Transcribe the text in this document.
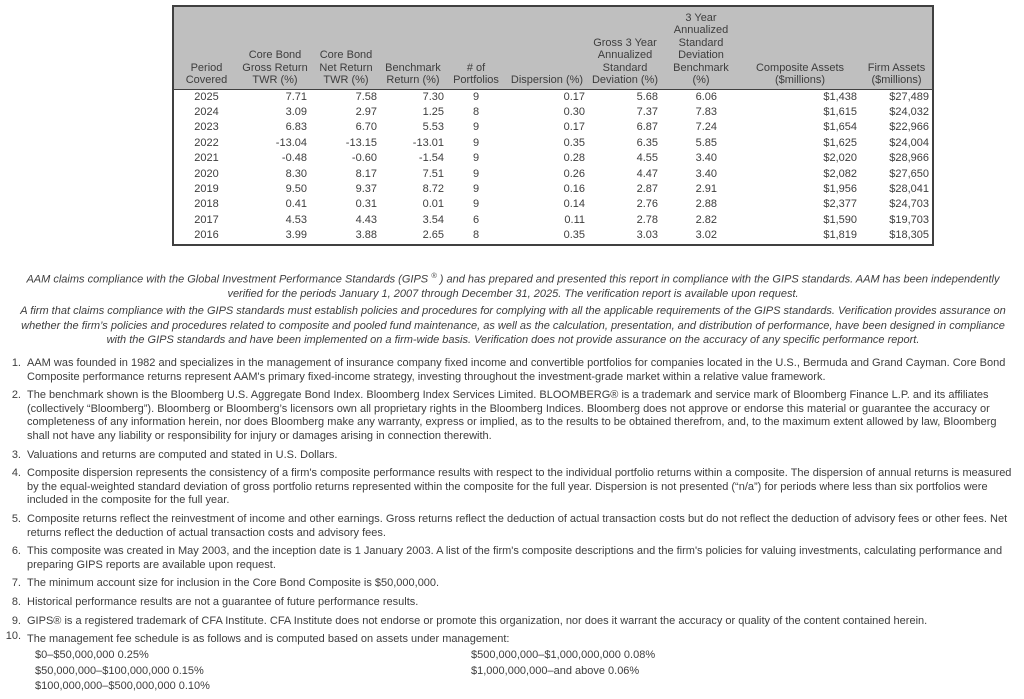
Period Covered	Core Bond Gross Return TWR (%)	Core Bond Net Return TWR (%)	Benchmark Return (%)	# of Portfolios	Dispersion (%)	Gross 3 Year Annualized Standard Deviation (%)	3 Year Annualized Standard Deviation Benchmark (%)	Composite Assets ($millions)	Firm Assets ($millions)
2025	7.71	7.58	7.30	9	0.17	5.68	6.06	$1,438	$27,489
2024	3.09	2.97	1.25	8	0.30	7.37	7.83	$1,615	$24,032
2023	6.83	6.70	5.53	9	0.17	6.87	7.24	$1,654	$22,966
2022	-13.04	-13.15	-13.01	9	0.35	6.35	5.85	$1,625	$24,004
2021	-0.48	-0.60	-1.54	9	0.28	4.55	3.40	$2,020	$28,966
2020	8.30	8.17	7.51	9	0.26	4.47	3.40	$2,082	$27,650
2019	9.50	9.37	8.72	9	0.16	2.87	2.91	$1,956	$28,041
2018	0.41	0.31	0.01	9	0.14	2.76	2.88	$2,377	$24,703
2017	4.53	4.43	3.54	6	0.11	2.78	2.82	$1,590	$19,703
2016	3.99	3.88	2.65	8	0.35	3.03	3.02	$1,819	$18,305

AAM claims compliance with the Global Investment Performance Standards (GIPS ® ) and has prepared and presented this report in compliance with the GIPS standards. AAM has been independently verified for the periods January 1, 2007 through December 31, 2025. The verification report is available upon request.

A firm that claims compliance with the GIPS standards must establish policies and procedures for complying with all the applicable requirements of the GIPS standards. Verification provides assurance on whether the firm’s policies and procedures related to composite and pooled fund maintenance, as well as the calculation, presentation, and distribution of performance, have been designed in compliance with the GIPS standards and have been implemented on a firm-wide basis. Verification does not provide assurance on the accuracy of any specific performance report.

1. AAM was founded in 1982 and specializes in the management of insurance company fixed income and convertible portfolios for companies located in the U.S., Bermuda and Grand Cayman. Core Bond Composite performance returns represent AAM's primary fixed-income strategy, investing throughout the investment-grade market within a relative value framework.
2. The benchmark shown is the Bloomberg U.S. Aggregate Bond Index. Bloomberg Index Services Limited. BLOOMBERG® is a trademark and service mark of Bloomberg Finance L.P. and its affiliates (collectively “Bloomberg”). Bloomberg or Bloomberg’s licensors own all proprietary rights in the Bloomberg Indices. Bloomberg does not approve or endorse this material or guarantee the accuracy or completeness of any information herein, nor does Bloomberg make any warranty, express or implied, as to the results to be obtained therefrom, and, to the maximum extent allowed by law, Bloomberg shall not have any liability or responsibility for injury or damages arising in connection therewith.
3. Valuations and returns are computed and stated in U.S. Dollars.
4. Composite dispersion represents the consistency of a firm's composite performance results with respect to the individual portfolio returns within a composite. The dispersion of annual returns is measured by the equal-weighted standard deviation of gross portfolio returns represented within the composite for the full year. Dispersion is not presented (“n/a”) for periods where less than six portfolios were included in the composite for the full year.
5. Composite returns reflect the reinvestment of income and other earnings. Gross returns reflect the deduction of actual transaction costs but do not reflect the deduction of advisory fees or other fees. Net returns reflect the deduction of actual transaction costs and advisory fees.
6. This composite was created in May 2003, and the inception date is 1 January 2003. A list of the firm's composite descriptions and the firm's policies for valuing investments, calculating performance and preparing GIPS reports are available upon request.
7. The minimum account size for inclusion in the Core Bond Composite is $50,000,000.
8. Historical performance results are not a guarantee of future performance results.
9. GIPS® is a registered trademark of CFA Institute. CFA Institute does not endorse or promote this organization, nor does it warrant the accuracy or quality of the content contained herein.
10. The management fee schedule is as follows and is computed based on assets under management:
$0–$50,000,000 0.25%
$50,000,000–$100,000,000 0.15%
$100,000,000–$500,000,000 0.10%
$500,000,000–$1,000,000,000 0.08%
$1,000,000,000–and above 0.06%
